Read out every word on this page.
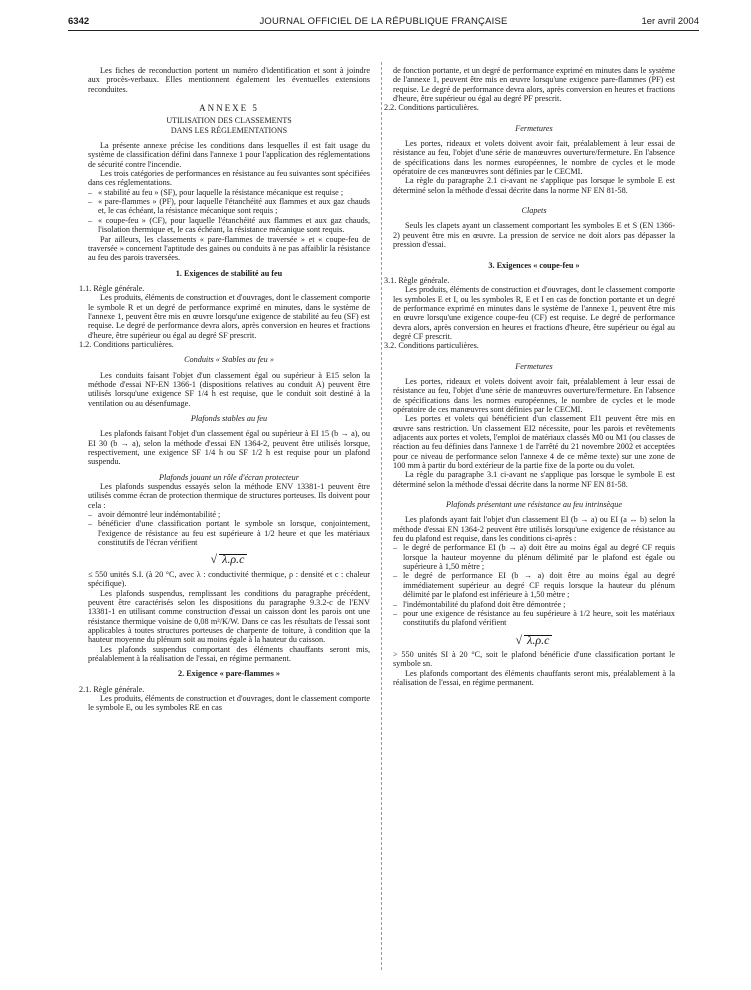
6342	JOURNAL OFFICIEL DE LA RÉPUBLIQUE FRANÇAISE	1er avril 2004

Les fiches de reconduction portent un numéro d'identification et sont à joindre aux procès-verbaux. Elles mentionnent également les éventuelles extensions reconduites.

ANNEXE 5
UTILISATION DES CLASSEMENTS
DANS LES RÉGLEMENTATIONS

La présente annexe précise les conditions dans lesquelles il est fait usage du système de classification défini dans l'annexe 1 pour l'application des réglementations de sécurité contre l'incendie.

Les trois catégories de performances en résistance au feu suivantes sont spécifiées dans ces réglementations.

– « stabilité au feu » (SF), pour laquelle la résistance mécanique est requise ;
– « pare-flammes » (PF), pour laquelle l'étanchéité aux flammes et aux gaz chauds et, le cas échéant, la résistance mécanique sont requis ;
– « coupe-feu » (CF), pour laquelle l'étanchéité aux flammes et aux gaz chauds, l'isolation thermique et, le cas échéant, la résistance mécanique sont requis.

Par ailleurs, les classements « pare-flammes de traversée » et « coupe-feu de traversée » concernent l'aptitude des gaines ou conduits à ne pas affaiblir la résistance au feu des parois traversées.

1. Exigences de stabilité au feu

1.1. Règle générale.

Les produits, éléments de construction et d'ouvrages, dont le classement comporte le symbole R et un degré de performance exprimé en minutes, dans le système de l'annexe 1, peuvent être mis en œuvre lorsqu'une exigence de stabilité au feu (SF) est requise. Le degré de performance devra alors, après conversion en heures et fractions d'heure, être supérieur ou égal au degré SF prescrit.

1.2. Conditions particulières.

Conduits « Stables au feu »

Les conduits faisant l'objet d'un classement égal ou supérieur à E15 selon la méthode d'essai NF-EN 1366-1 (dispositions relatives au conduit A) peuvent être utilisés lorsqu'une exigence SF 1/4 h est requise, que le conduit soit destiné à la ventilation ou au désenfumage.

Plafonds stables au feu

Les plafonds faisant l'objet d'un classement égal ou supérieur à EI 15 (b → a), ou EI 30 (b → a), selon la méthode d'essai EN 1364-2, peuvent être utilisés lorsque, respectivement, une exigence SF 1/4 h ou SF 1/2 h est requise pour un plafond suspendu.

Plafonds jouant un rôle d'écran protecteur

Les plafonds suspendus essayés selon la méthode ENV 13381-1 peuvent être utilisés comme écran de protection thermique de structures porteuses. Ils doivent pour cela :

– avoir démontré leur indémontabilité ;
– bénéficier d'une classification portant le symbole sn lorsque, conjointement, l'exigence de résistance au feu est supérieure à 1/2 heure et que les matériaux constitutifs de l'écran vérifient
√ λ.ρ.c

≤ 550 unités S.I. (à 20 °C, avec λ : conductivité thermique, ρ : densité et c : chaleur spécifique).

Les plafonds suspendus, remplissant les conditions du paragraphe précédent, peuvent être caractérisés selon les dispositions du paragraphe 9.3.2-c de l'ENV 13381-1 en utilisant comme construction d'essai un caisson dont les parois ont une résistance thermique voisine de 0,08 m²/K/W. Dans ce cas les résultats de l'essai sont applicables à toutes structures porteuses de charpente de toiture, à condition que la hauteur moyenne du plénum soit au moins égale à la hauteur du caisson.

Les plafonds suspendus comportant des éléments chauffants seront mis, préalablement à la réalisation de l'essai, en régime permanent.

2. Exigence « pare-flammes »

2.1. Règle générale.

Les produits, éléments de construction et d'ouvrages, dont le classement comporte le symbole E, ou les symboles RE en cas

de fonction portante, et un degré de performance exprimé en minutes dans le système de l'annexe 1, peuvent être mis en œuvre lorsqu'une exigence pare-flammes (PF) est requise. Le degré de performance devra alors, après conversion en heures et fractions d'heure, être supérieur ou égal au degré PF prescrit.

2.2. Conditions particulières.

Fermetures

Les portes, rideaux et volets doivent avoir fait, préalablement à leur essai de résistance au feu, l'objet d'une série de manœuvres ouverture/fermeture. En l'absence de spécifications dans les normes européennes, le nombre de cycles et le mode opératoire de ces manœuvres sont définies par le CECMI.

La règle du paragraphe 2.1 ci-avant ne s'applique pas lorsque le symbole E est déterminé selon la méthode d'essai décrite dans la norme NF EN 81-58.

Clapets

Seuls les clapets ayant un classement comportant les symboles E et S (EN 1366-2) peuvent être mis en œuvre. La pression de service ne doit alors pas dépasser la pression d'essai.

3. Exigences « coupe-feu »

3.1. Règle générale.

Les produits, éléments de construction et d'ouvrages, dont le classement comporte les symboles E et I, ou les symboles R, E et I en cas de fonction portante et un degré de performance exprimé en minutes dans le système de l'annexe 1, peuvent être mis en œuvre lorsqu'une exigence coupe-feu (CF) est requise. Le degré de performance devra alors, après conversion en heures et fractions d'heure, être supérieur ou égal au degré CF prescrit.

3.2. Conditions particulières.

Fermetures

Les portes, rideaux et volets doivent avoir fait, préalablement à leur essai de résistance au feu, l'objet d'une série de manœuvres ouverture/fermeture. En l'absence de spécifications dans les normes européennes, le nombre de cycles et le mode opératoire de ces manœuvres sont définies par le CECMI.

Les portes et volets qui bénéficient d'un classement EI1 peuvent être mis en œuvre sans restriction. Un classement EI2 nécessite, pour les parois et revêtements adjacents aux portes et volets, l'emploi de matériaux classés M0 ou M1 (ou classes de réaction au feu définies dans l'annexe 1 de l'arrêté du 21 novembre 2002 et acceptées pour ce niveau de performance selon l'annexe 4 de ce même texte) sur une zone de 100 mm à partir du bord extérieur de la partie fixe de la porte ou du volet.

La règle du paragraphe 3.1 ci-avant ne s'applique pas lorsque le symbole E est déterminé selon la méthode d'essai décrite dans la norme NF EN 81-58.

Plafonds présentant une résistance au feu intrinsèque

Les plafonds ayant fait l'objet d'un classement EI (b → a) ou EI (a ↔ b) selon la méthode d'essai EN 1364-2 peuvent être utilisés lorsqu'une exigence de résistance au feu du plafond est requise, dans les conditions ci-après :

– le degré de performance EI (b → a) doit être au moins égal au degré CF requis lorsque la hauteur moyenne du plénum délimité par le plafond est égale ou supérieure à 1,50 mètre ;
– le degré de performance EI (b → a) doit être au moins égal au degré immédiatement supérieur au degré CF requis lorsque la hauteur du plénum délimité par le plafond est inférieure à 1,50 mètre ;
– l'indémontabilité du plafond doit être démontrée ;
– pour une exigence de résistance au feu supérieure à 1/2 heure, soit les matériaux constitutifs du plafond vérifient
√ λ.ρ.c

> 550 unités SI à 20 °C, soit le plafond bénéficie d'une classification portant le symbole sn.

Les plafonds comportant des éléments chauffants seront mis, préalablement à la réalisation de l'essai, en régime permanent.
